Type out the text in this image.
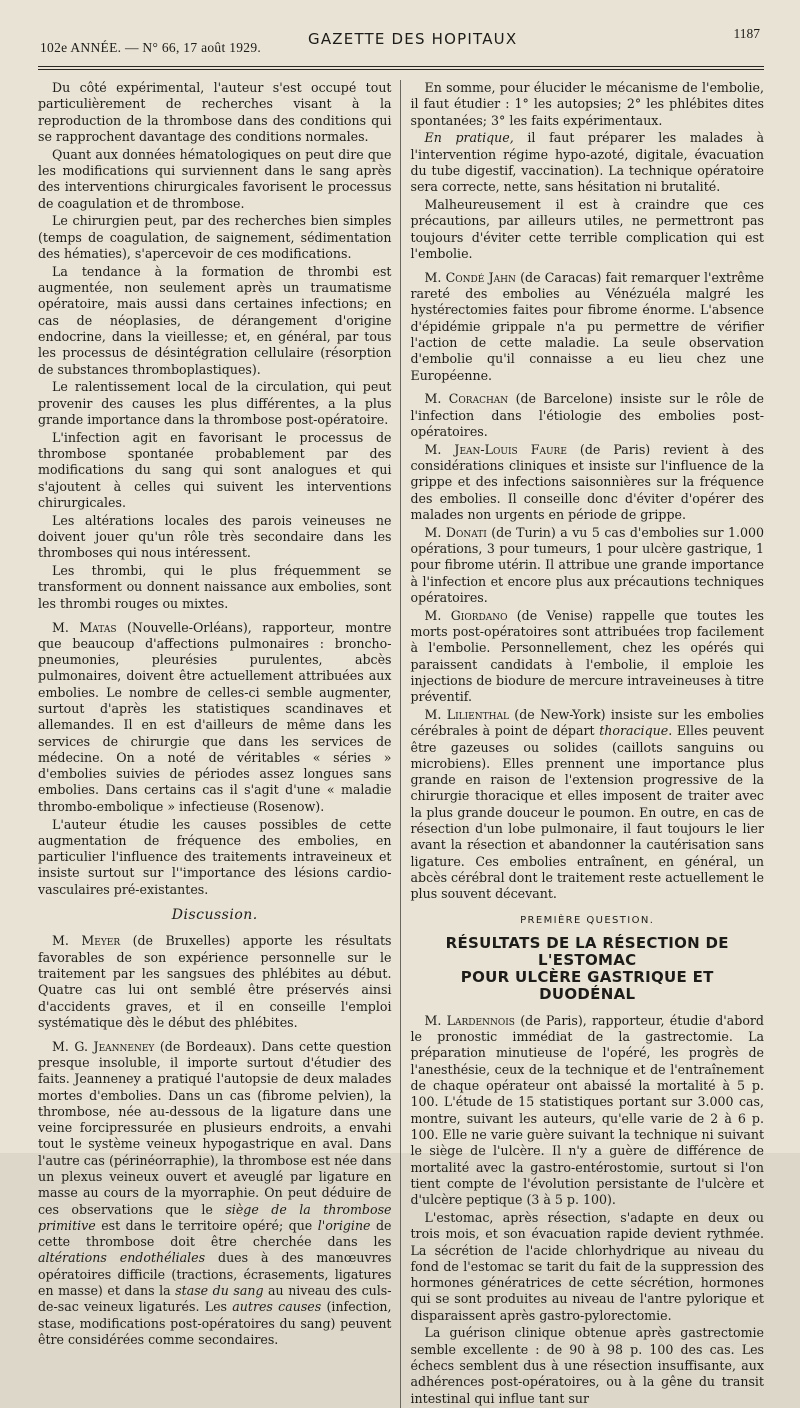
102e ANNÉE. — N° 66, 17 août 1929.	GAZETTE DES HOPITAUX	1187

Du côté expérimental, l'auteur s'est occupé tout particulièrement de recherches visant à la reproduction de la thrombose dans des conditions qui se rapprochent davantage des conditions normales.

Quant aux données hématologiques on peut dire que les modifications qui surviennent dans le sang après des interventions chirurgicales favorisent le processus de coagulation et de thrombose.

Le chirurgien peut, par des recherches bien simples (temps de coagulation, de saignement, sédimentation des hématies), s'apercevoir de ces modifications.

La tendance à la formation de thrombi est augmentée, non seulement après un traumatisme opératoire, mais aussi dans certaines infections; en cas de néoplasies, de dérangement d'origine endocrine, dans la vieillesse; et, en général, par tous les processus de désintégration cellulaire (résorption de substances thromboplastiques).

Le ralentissement local de la circulation, qui peut provenir des causes les plus différentes, a la plus grande importance dans la thrombose post-opératoire.

L'infection agit en favorisant le processus de thrombose spontanée probablement par des modifications du sang qui sont analogues et qui s'ajoutent à celles qui suivent les interventions chirurgicales.

Les altérations locales des parois veineuses ne doivent jouer qu'un rôle très secondaire dans les thromboses qui nous intéressent.

Les thrombi, qui le plus fréquemment se transforment ou donnent naissance aux embolies, sont les thrombi rouges ou mixtes.

M. Matas (Nouvelle-Orléans), rapporteur, montre que beaucoup d'affections pulmonaires : broncho-pneumonies, pleurésies purulentes, abcès pulmonaires, doivent être actuellement attribuées aux embolies. Le nombre de celles-ci semble augmenter, surtout d'après les statistiques scandinaves et allemandes. Il en est d'ailleurs de même dans les services de chirurgie que dans les services de médecine. On a noté de véritables « séries » d'embolies suivies de périodes assez longues sans embolies. Dans certains cas il s'agit d'une « maladie thrombo-embolique » infectieuse (Rosenow).

L'auteur étudie les causes possibles de cette augmentation de fréquence des embolies, en particulier l'influence des traitements intraveineux et insiste surtout sur l''importance des lésions cardio-vasculaires pré-existantes.

Discussion.

M. Meyer (de Bruxelles) apporte les résultats favorables de son expérience personnelle sur le traitement par les sangsues des phlébites au début. Quatre cas lui ont semblé être préservés ainsi d'accidents graves, et il en conseille l'emploi systématique dès le début des phlébites.

M. G. Jeanneney (de Bordeaux). Dans cette question presque insoluble, il importe surtout d'étudier des faits. Jeanneney a pratiqué l'autopsie de deux malades mortes d'embolies. Dans un cas (fibrome pelvien), la thrombose, née au-dessous de la ligature dans une veine forcipressurée en plusieurs endroits, a envahi tout le système veineux hypogastrique en aval. Dans l'autre cas (périnéorraphie), la thrombose est née dans un plexus veineux ouvert et aveuglé par ligature en masse au cours de la myorraphie. On peut déduire de ces observations que le siège de la thrombose primitive est dans le territoire opéré; que l'origine de cette thrombose doit être cherchée dans les altérations endothéliales dues à des manœuvres opératoires difficile (tractions, écrasements, ligatures en masse) et dans la stase du sang au niveau des culs-de-sac veineux ligaturés. Les autres causes (infection, stase, modifications post-opératoires du sang) peuvent être considérées comme secondaires.

En somme, pour élucider le mécanisme de l'embolie, il faut étudier : 1° les autopsies; 2° les phlébites dites spontanées; 3° les faits expérimentaux.

En pratique, il faut préparer les malades à l'intervention régime hypo-azoté, digitale, évacuation du tube digestif, vaccination). La technique opératoire sera correcte, nette, sans hésitation ni brutalité.

Malheureusement il est à craindre que ces précautions, par ailleurs utiles, ne permettront pas toujours d'éviter cette terrible complication qui est l'embolie.

M. Condé Jahn (de Caracas) fait remarquer l'extrême rareté des embolies au Vénézuéla malgré les hystérectomies faites pour fibrome énorme. L'absence d'épidémie grippale n'a pu permettre de vérifier l'action de cette maladie. La seule observation d'embolie qu'il connaisse a eu lieu chez une Européenne.

M. Corachan (de Barcelone) insiste sur le rôle de l'infection dans l'étiologie des embolies post-opératoires.

M. Jean-Louis Faure (de Paris) revient à des considérations cliniques et insiste sur l'influence de la grippe et des infections saisonnières sur la fréquence des embolies. Il conseille donc d'éviter d'opérer des malades non urgents en période de grippe.

M. Donati (de Turin) a vu 5 cas d'embolies sur 1.000 opérations, 3 pour tumeurs, 1 pour ulcère gastrique, 1 pour fibrome utérin. Il attribue une grande importance à l'infection et encore plus aux précautions techniques opératoires.

M. Giordano (de Venise) rappelle que toutes les morts post-opératoires sont attribuées trop facilement à l'embolie. Personnellement, chez les opérés qui paraissent candidats à l'embolie, il emploie les injections de biodure de mercure intraveineuses à titre préventif.

M. Lilienthal (de New-York) insiste sur les embolies cérébrales à point de départ thoracique. Elles peuvent être gazeuses ou solides (caillots sanguins ou microbiens). Elles prennent une importance plus grande en raison de l'extension progressive de la chirurgie thoracique et elles imposent de traiter avec la plus grande douceur le poumon. En outre, en cas de résection d'un lobe pulmonaire, il faut toujours le lier avant la résection et abandonner la cautérisation sans ligature. Ces embolies entraînent, en général, un abcès cérébral dont le traitement reste actuellement le plus souvent décevant.

PREMIÈRE QUESTION.
RÉSULTATS DE LA RÉSECTION DE L'ESTOMAC
POUR ULCÈRE GASTRIQUE ET DUODÉNAL

M. Lardennois (de Paris), rapporteur, étudie d'abord le pronostic immédiat de la gastrectomie. La préparation minutieuse de l'opéré, les progrès de l'anesthésie, ceux de la technique et de l'entraînement de chaque opérateur ont abaissé la mortalité à 5 p. 100. L'étude de 15 statistiques portant sur 3.000 cas, montre, suivant les auteurs, qu'elle varie de 2 à 6 p. 100. Elle ne varie guère suivant la technique ni suivant le siège de l'ulcère. Il n'y a guère de différence de mortalité avec la gastro-entérostomie, surtout si l'on tient compte de l'évolution persistante de l'ulcère et d'ulcère peptique (3 à 5 p. 100).

L'estomac, après résection, s'adapte en deux ou trois mois, et son évacuation rapide devient rythmée. La sécrétion de l'acide chlorhydrique au niveau du fond de l'estomac se tarit du fait de la suppression des hormones génératrices de cette sécrétion, hormones qui se sont produites au niveau de l'antre pylorique et disparaissent après gastro-pylorectomie.

La guérison clinique obtenue après gastrectomie semble excellente : de 90 à 98 p. 100 des cas. Les échecs semblent dus à une résection insuffisante, aux adhérences post-opératoires, ou à la gêne du transit intestinal qui influe tant sur
